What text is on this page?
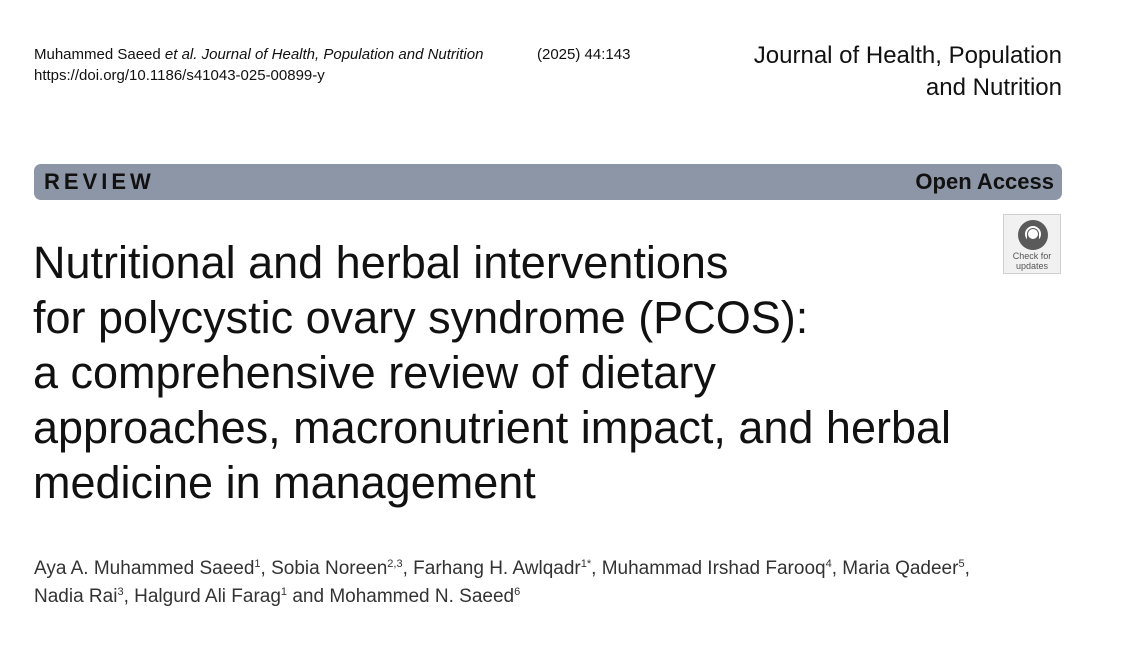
Muhammed Saeed et al. Journal of Health, Population and Nutrition	(2025) 44:143
https://doi.org/10.1186/s41043-025-00899-y
Journal of Health, Population
and Nutrition
REVIEW	Open Access
Check for
updates
Nutritional and herbal interventions
for polycystic ovary syndrome (PCOS):
a comprehensive review of dietary
approaches, macronutrient impact, and herbal
medicine in management
Aya A. Muhammed Saeed$^1$, Sobia Noreen$^{2,3}$, Farhang H. Awlqadr$^{1*}$, Muhammad Irshad Farooq$^4$, Maria Qadeer$^5$,
Nadia Rai$^3$, Halgurd Ali Farag$^1$ and Mohammed N. Saeed$^6$
